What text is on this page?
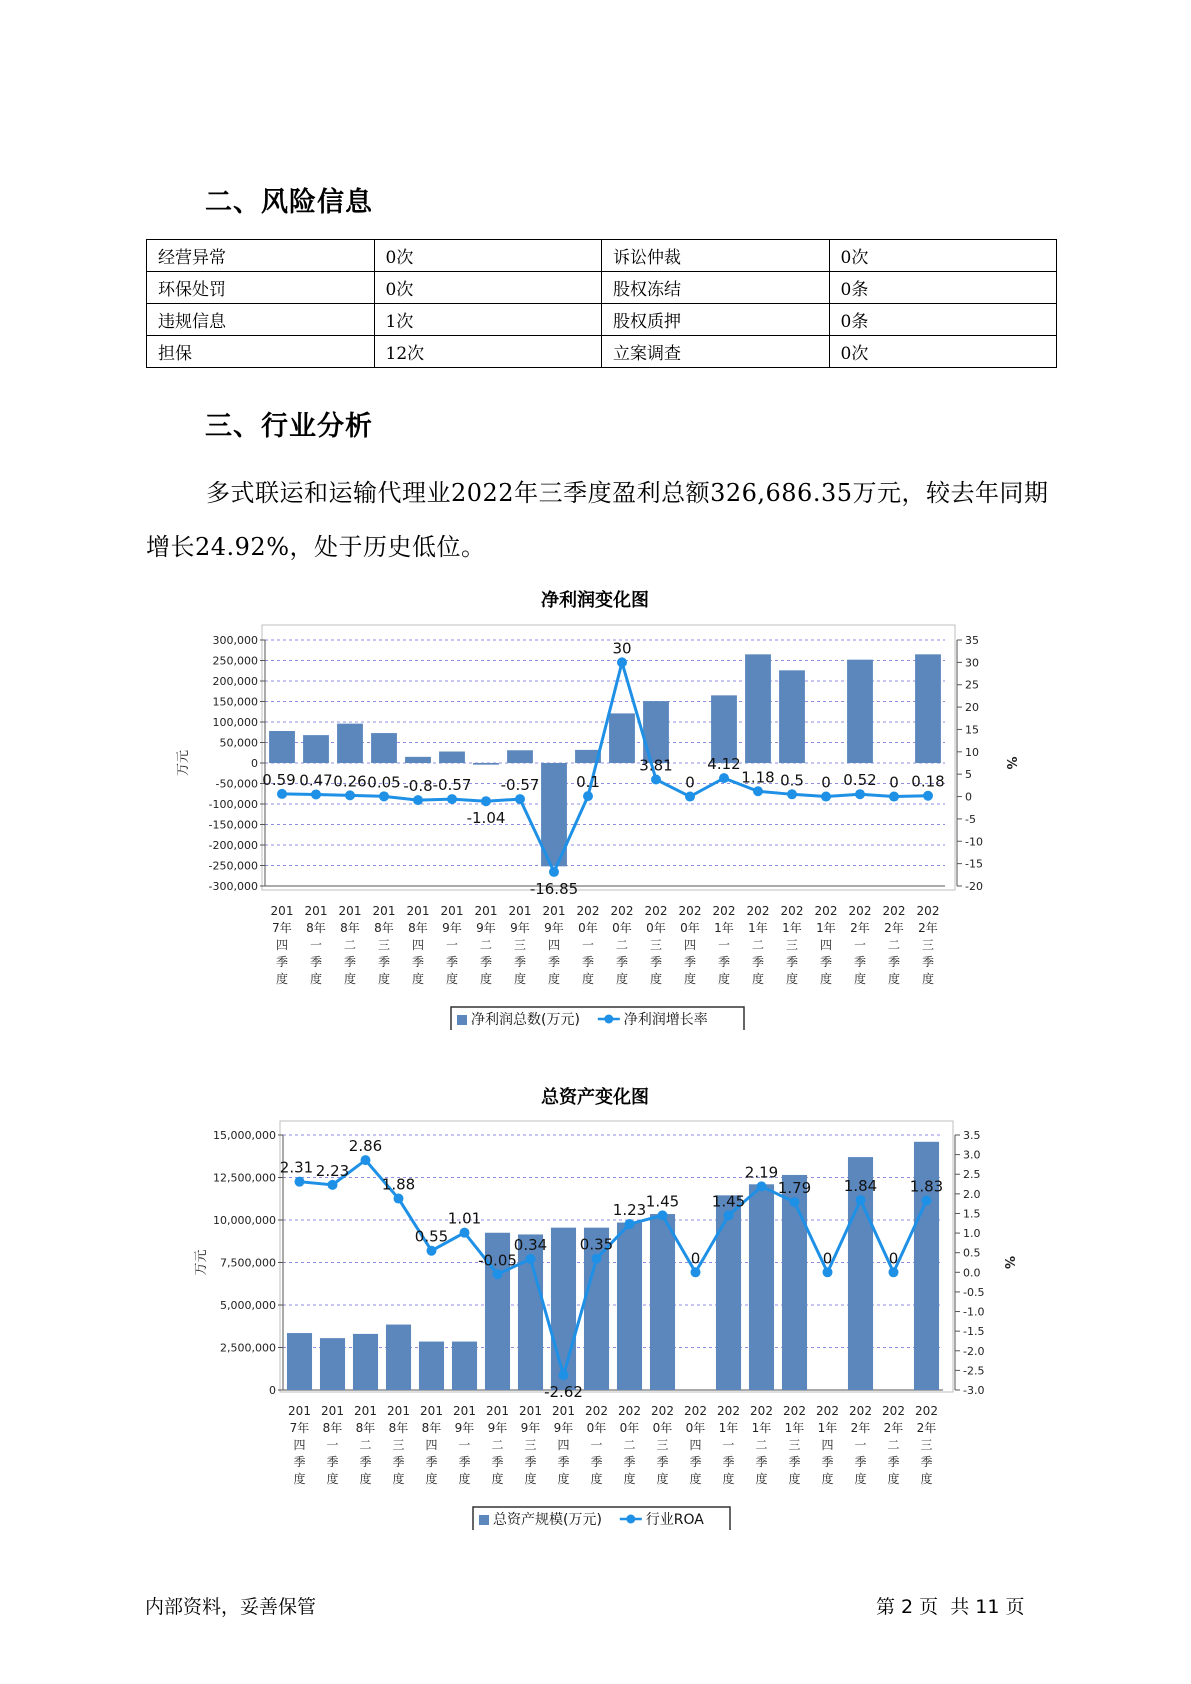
二、风险信息
经营异常	0次	诉讼仲裁	0次
环保处罚	0次	股权冻结	0条
违规信息	1次	股权质押	0条
担保	12次	立案调查	0次
三、行业分析

多式联运和运输代理业2022年三季度盈利总额326,686.35万元，较去年同期增长24.92%，处于历史低位。

净利润变化图
300,000
250,000
200,000
150,000
100,000
50,000
0
-50,000
-100,000
-150,000
-200,000
-250,000
-300,000
35
30
25
20
15
10
5
0
-5
-10
-15
-20
万元	%
0.59 0.47 0.26 0.05 -0.8 -0.57
-1.04
-0.57
-16.85
0.1
30
3.81
0
4.12
1.18 0.5 0 0.52 0 0.18
201
7年
四
季
度
201
8年
一
季
度
201
8年
二
季
度
201
8年
三
季
度
201
8年
四
季
度
201
9年
一
季
度
201
9年
二
季
度
201
9年
三
季
度
201
9年
四
季
度
202
0年
一
季
度
202
0年
二
季
度
202
0年
三
季
度
202
0年
四
季
度
202
1年
一
季
度
202
1年
二
季
度
202
1年
三
季
度
202
1年
四
季
度
202
2年
一
季
度
202
2年
二
季
度
202
2年
三
季
度
净利润总数(万元)	净利润增长率
总资产变化图
15,000,000
12,500,000
10,000,000
7,500,000
5,000,000
2,500,000
0
3.5
3.0
2.5
2.0
1.5
1.0
0.5
0.0
-0.5
-1.0
-1.5
-2.0
-2.5
-3.0
万元	%
2.31 2.23
2.86
1.88
0.55
1.01
-0.05
0.34
-2.62
0.35
1.23 1.45
0
1.45
2.19
1.79
0
1.84
0
1.83
201
7年
四
季
度
201
8年
一
季
度
201
8年
二
季
度
201
8年
三
季
度
201
8年
四
季
度
201
9年
一
季
度
201
9年
二
季
度
201
9年
三
季
度
201
9年
四
季
度
202
0年
一
季
度
202
0年
二
季
度
202
0年
三
季
度
202
0年
四
季
度
202
1年
一
季
度
202
1年
二
季
度
202
1年
三
季
度
202
1年
四
季
度
202
2年
一
季
度
202
2年
二
季
度
202
2年
三
季
度
总资产规模(万元)	行业ROA
内部资料，妥善保管	第 2 页  共 11 页
